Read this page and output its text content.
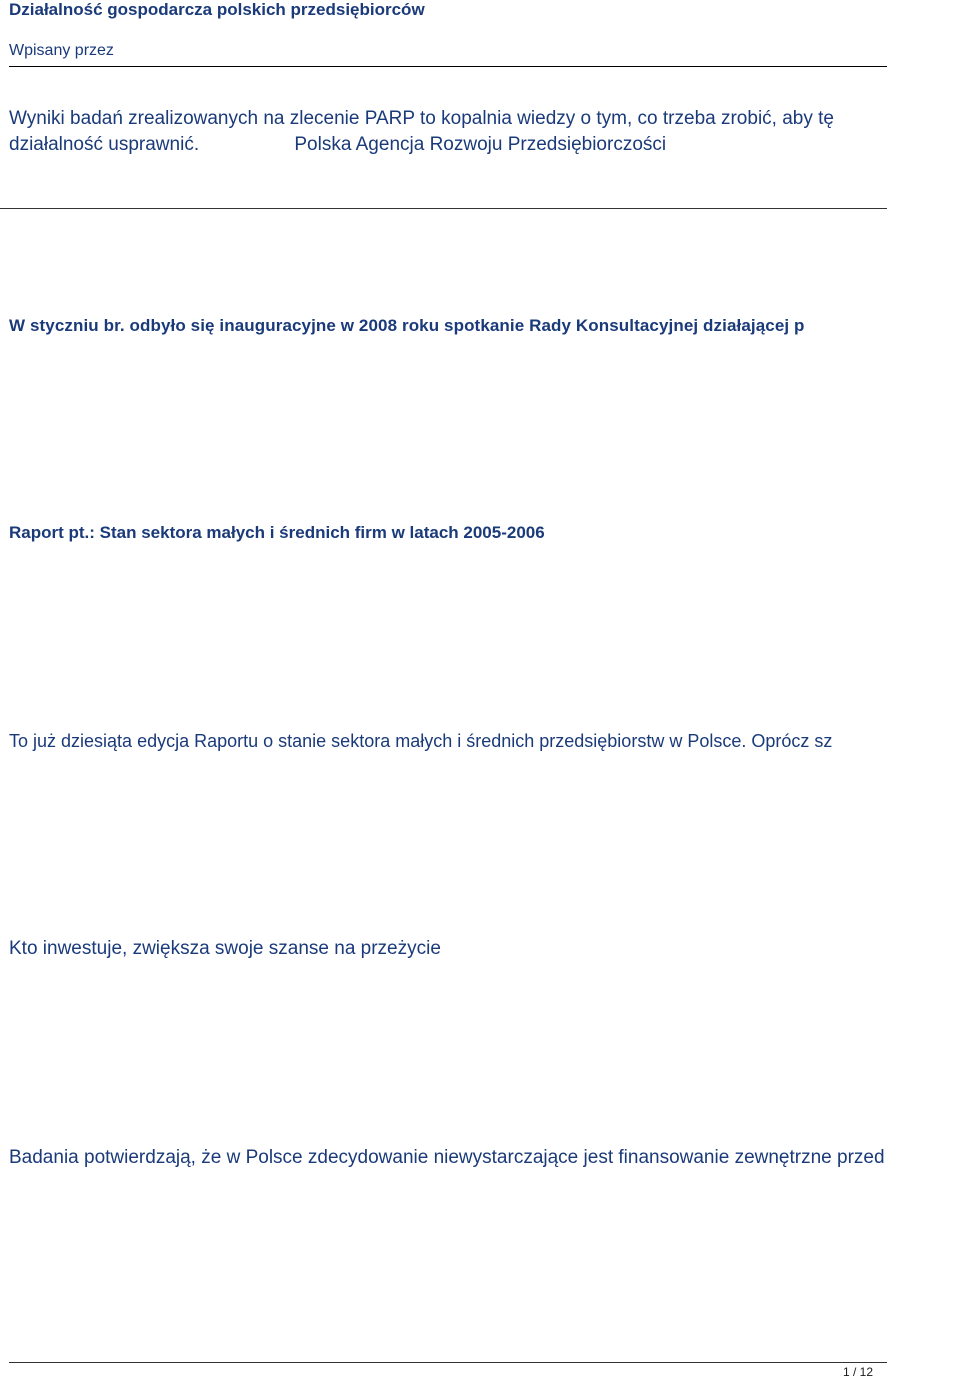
Działalność gospodarcza polskich przedsiębiorców
Wpisany przez
Wyniki badań zrealizowanych na zlecenie PARP to kopalnia wiedzy o tym, co trzeba zrobić, aby tę działalność usprawnić.	Polska Agencja Rozwoju Przedsiębiorczości
W styczniu br. odbyło się inauguracyjne w 2008 roku spotkanie Rady Konsultacyjnej działającej p
Raport pt.: Stan sektora małych i średnich firm w latach 2005-2006
To już dziesiąta edycja Raportu o stanie sektora małych i średnich przedsiębiorstw w Polsce. Oprócz sz
Kto inwestuje, zwiększa swoje szanse na przeżycie
Badania potwierdzają, że w Polsce zdecydowanie niewystarczające jest finansowanie zewnętrzne przed
1 / 12
